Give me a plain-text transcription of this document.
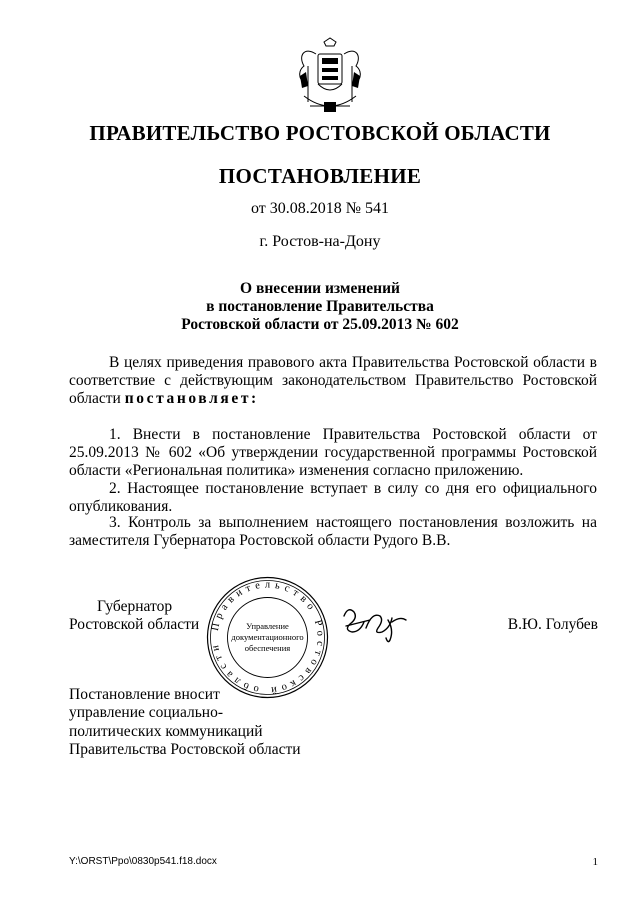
ПРАВИТЕЛЬСТВО РОСТОВСКОЙ ОБЛАСТИ
ПОСТАНОВЛЕНИЕ
от 30.08.2018 № 541
г. Ростов-на-Дону
О внесении изменений
в постановление Правительства
Ростовской области от 25.09.2013 № 602
В целях приведения правового акта Правительства Ростовской области в соответствие с действующим законодательством Правительство Ростовской области постановляет:
1. Внести в постановление Правительства Ростовской области от 25.09.2013 № 602 «Об утверждении государственной программы Ростовской области «Региональная политика» изменения согласно приложению.
2. Настоящее постановление вступает в силу со дня его официального опубликования.
3. Контроль за выполнением настоящего постановления возложить на заместителя Губернатора Ростовской области Рудого В.В.
Губернатор
Ростовской области	Правительство Ростовской области
Управление
документационного
обеспечения
В.Ю. Голубев
Постановление вносит
управление социально-
политических коммуникаций
Правительства Ростовской области
Y:\ORST\Ppo\0830p541.f18.docx	1
